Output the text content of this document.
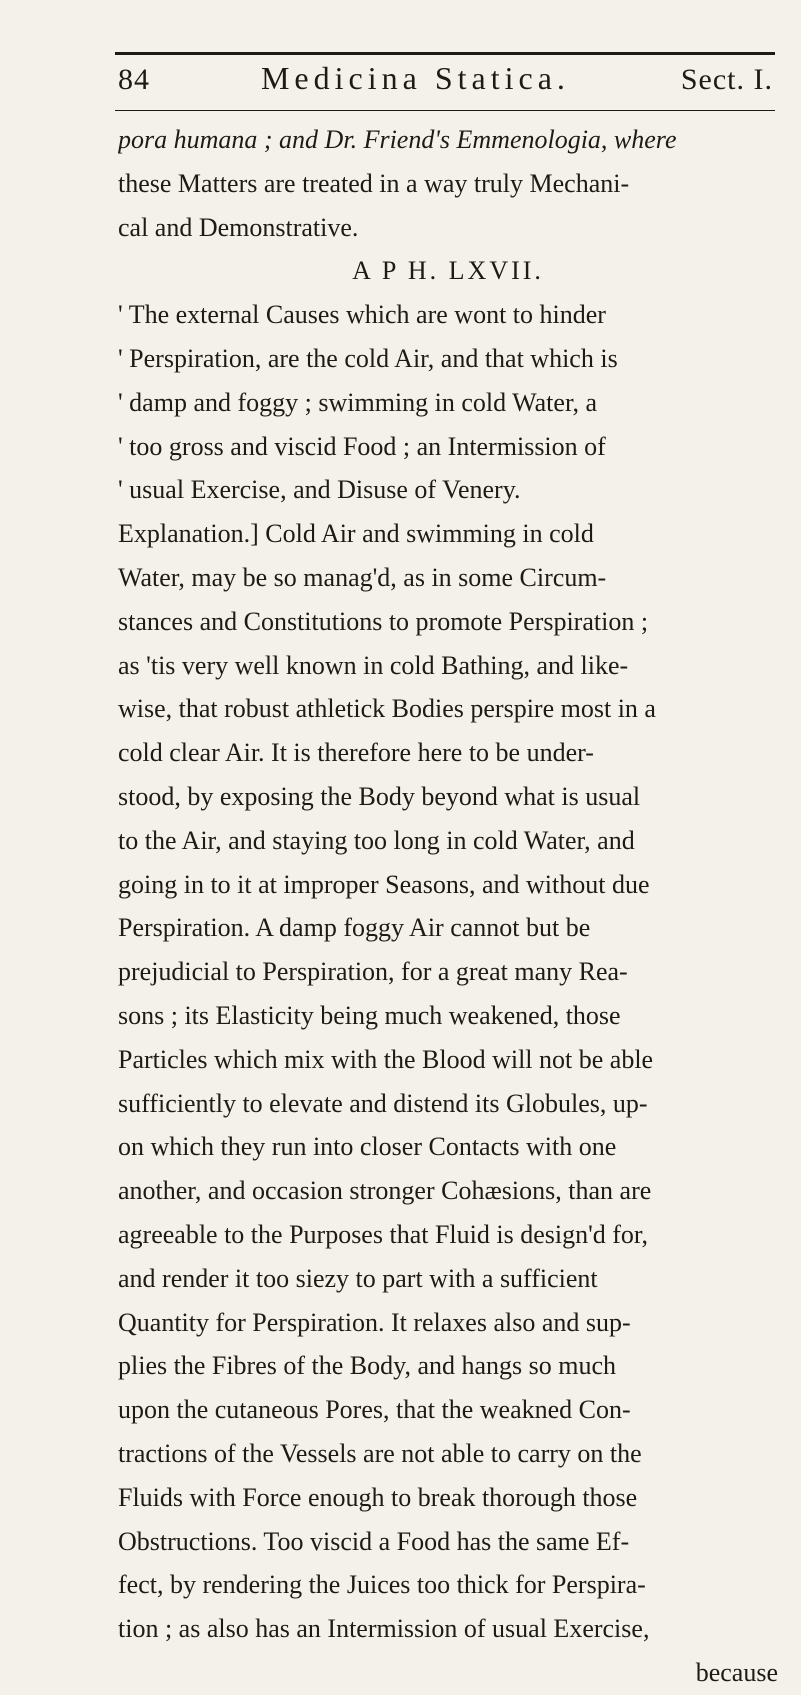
84	Medicina Statica.	Sect. I.
pora humana ; and Dr. Friend's Emmenologia, where
these Matters are treated in a way truly Mechani-
cal and Demonstrative.
A P H. LXVII.
' The external Causes which are wont to hinder
' Perspiration, are the cold Air, and that which is
' damp and foggy ; swimming in cold Water, a
' too gross and viscid Food ; an Intermission of
' usual Exercise, and Disuse of Venery.
Explanation.] Cold Air and swimming in cold
Water, may be so manag'd, as in some Circum-
stances and Constitutions to promote Perspiration ;
as 'tis very well known in cold Bathing, and like-
wise, that robust athletick Bodies perspire most in a
cold clear Air. It is therefore here to be under-
stood, by exposing the Body beyond what is usual
to the Air, and staying too long in cold Water, and
going in to it at improper Seasons, and without due
Perspiration. A damp foggy Air cannot but be
prejudicial to Perspiration, for a great many Rea-
sons ; its Elasticity being much weakened, those
Particles which mix with the Blood will not be able
sufficiently to elevate and distend its Globules, up-
on which they run into closer Contacts with one
another, and occasion stronger Cohæsions, than are
agreeable to the Purposes that Fluid is design'd for,
and render it too siezy to part with a sufficient
Quantity for Perspiration. It relaxes also and sup-
plies the Fibres of the Body, and hangs so much
upon the cutaneous Pores, that the weakned Con-
tractions of the Vessels are not able to carry on the
Fluids with Force enough to break thorough those
Obstructions. Too viscid a Food has the same Ef-
fect, by rendering the Juices too thick for Perspira-
tion ; as also has an Intermission of usual Exercise,
because
